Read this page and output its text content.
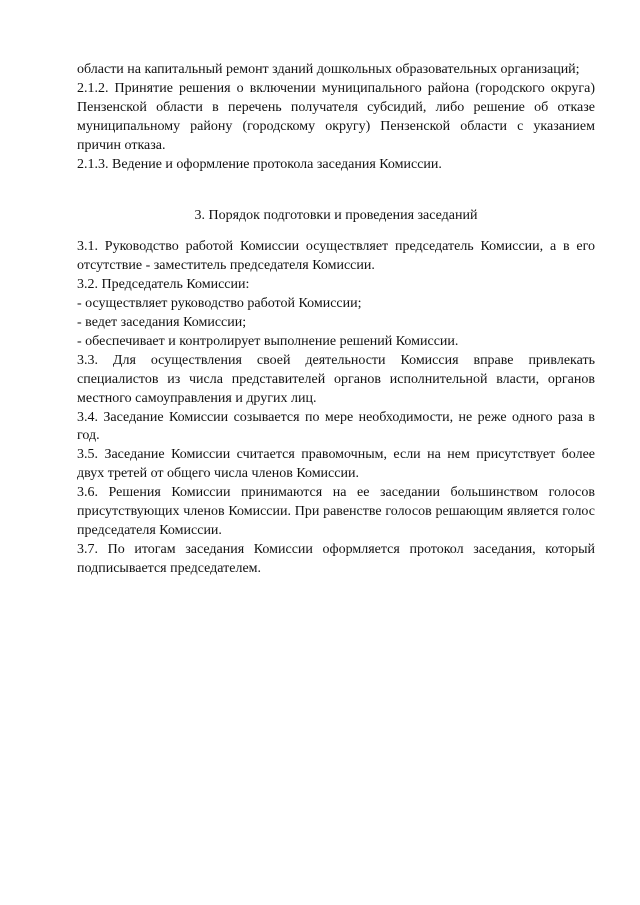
области на капитальный ремонт зданий дошкольных образовательных организаций;

2.1.2. Принятие решения о включении муниципального района (городского округа) Пензенской области в перечень получателя субсидий, либо решение об отказе муниципальному району (городскому округу) Пензенской области с указанием причин отказа.

2.1.3. Ведение и оформление протокола заседания Комиссии.

3. Порядок подготовки и проведения заседаний

3.1. Руководство работой Комиссии осуществляет председатель Комиссии, а в его отсутствие - заместитель председателя Комиссии.

3.2. Председатель Комиссии:

- осуществляет руководство работой Комиссии;

- ведет заседания Комиссии;

- обеспечивает и контролирует выполнение решений Комиссии.

3.3. Для осуществления своей деятельности Комиссия вправе привлекать специалистов из числа представителей органов исполнительной власти, органов местного самоуправления и других лиц.

3.4. Заседание Комиссии созывается по мере необходимости, не реже одного раза в год.

3.5. Заседание Комиссии считается правомочным, если на нем присутствует более двух третей от общего числа членов Комиссии.

3.6. Решения Комиссии принимаются на ее заседании большинством голосов присутствующих членов Комиссии. При равенстве голосов решающим является голос председателя Комиссии.

3.7. По итогам заседания Комиссии оформляется протокол заседания, который подписывается председателем.
